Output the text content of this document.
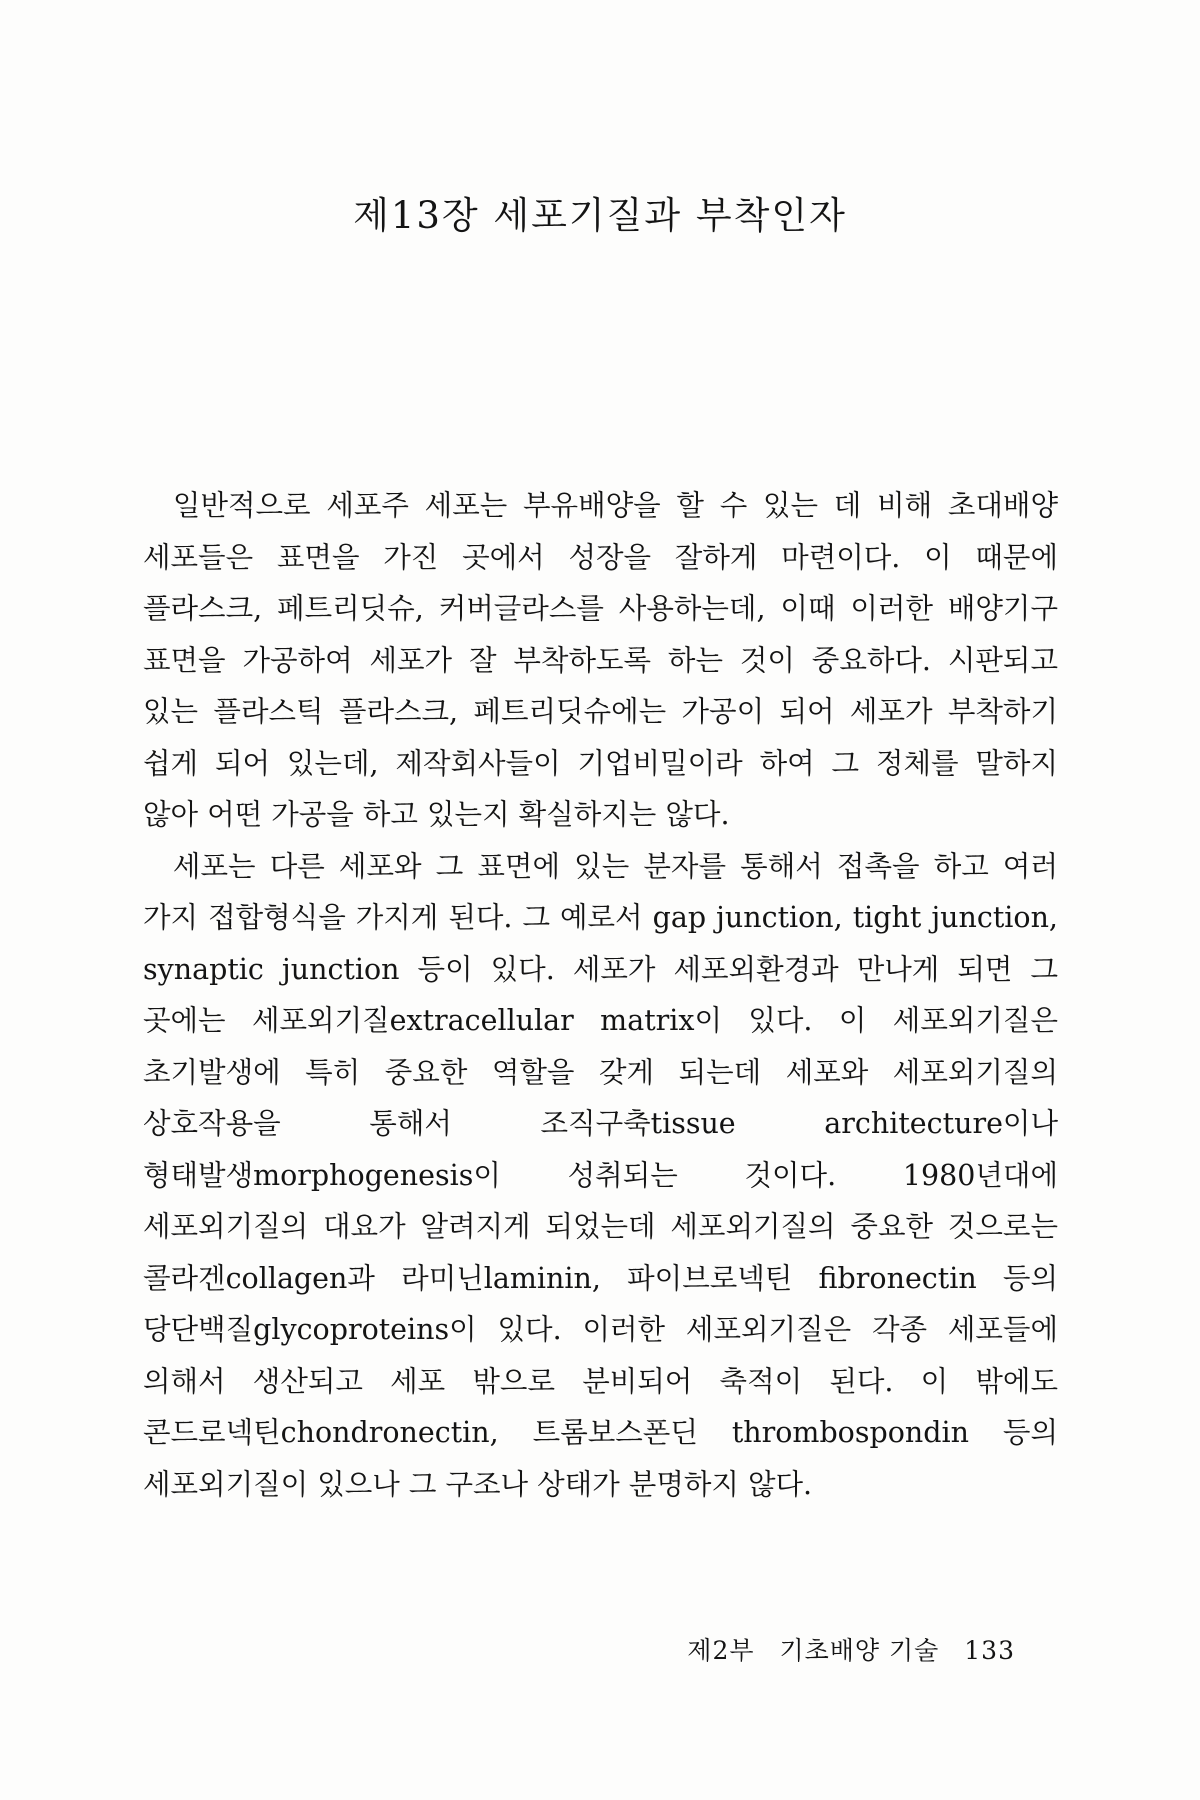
제13장 세포기질과 부착인자

일반적으로 세포주 세포는 부유배양을 할 수 있는 데 비해 초대배양 세포들은 표면을 가진 곳에서 성장을 잘하게 마련이다. 이 때문에 플라스크, 페트리딧슈, 커버글라스를 사용하는데, 이때 이러한 배양기구 표면을 가공하여 세포가 잘 부착하도록 하는 것이 중요하다. 시판되고 있는 플라스틱 플라스크, 페트리딧슈에는 가공이 되어 세포가 부착하기 쉽게 되어 있는데, 제작회사들이 기업비밀이라 하여 그 정체를 말하지 않아 어떤 가공을 하고 있는지 확실하지는 않다.

세포는 다른 세포와 그 표면에 있는 분자를 통해서 접촉을 하고 여러 가지 접합형식을 가지게 된다. 그 예로서 gap junction, tight junction, synaptic junction 등이 있다. 세포가 세포외환경과 만나게 되면 그 곳에는 세포외기질extracellular matrix이 있다. 이 세포외기질은 초기발생에 특히 중요한 역할을 갖게 되는데 세포와 세포외기질의 상호작용을 통해서 조직구축tissue architecture이나 형태발생morphogenesis이 성취되는 것이다. 1980년대에 세포외기질의 대요가 알려지게 되었는데 세포외기질의 중요한 것으로는 콜라겐collagen과 라미닌laminin, 파이브로넥틴 fibronectin 등의 당단백질glycoproteins이 있다. 이러한 세포외기질은 각종 세포들에 의해서 생산되고 세포 밖으로 분비되어 축적이 된다. 이 밖에도 콘드로넥틴chondronectin, 트롬보스폰딘 thrombospondin 등의 세포외기질이 있으나 그 구조나 상태가 분명하지 않다.

제2부 기초배양 기술 133
